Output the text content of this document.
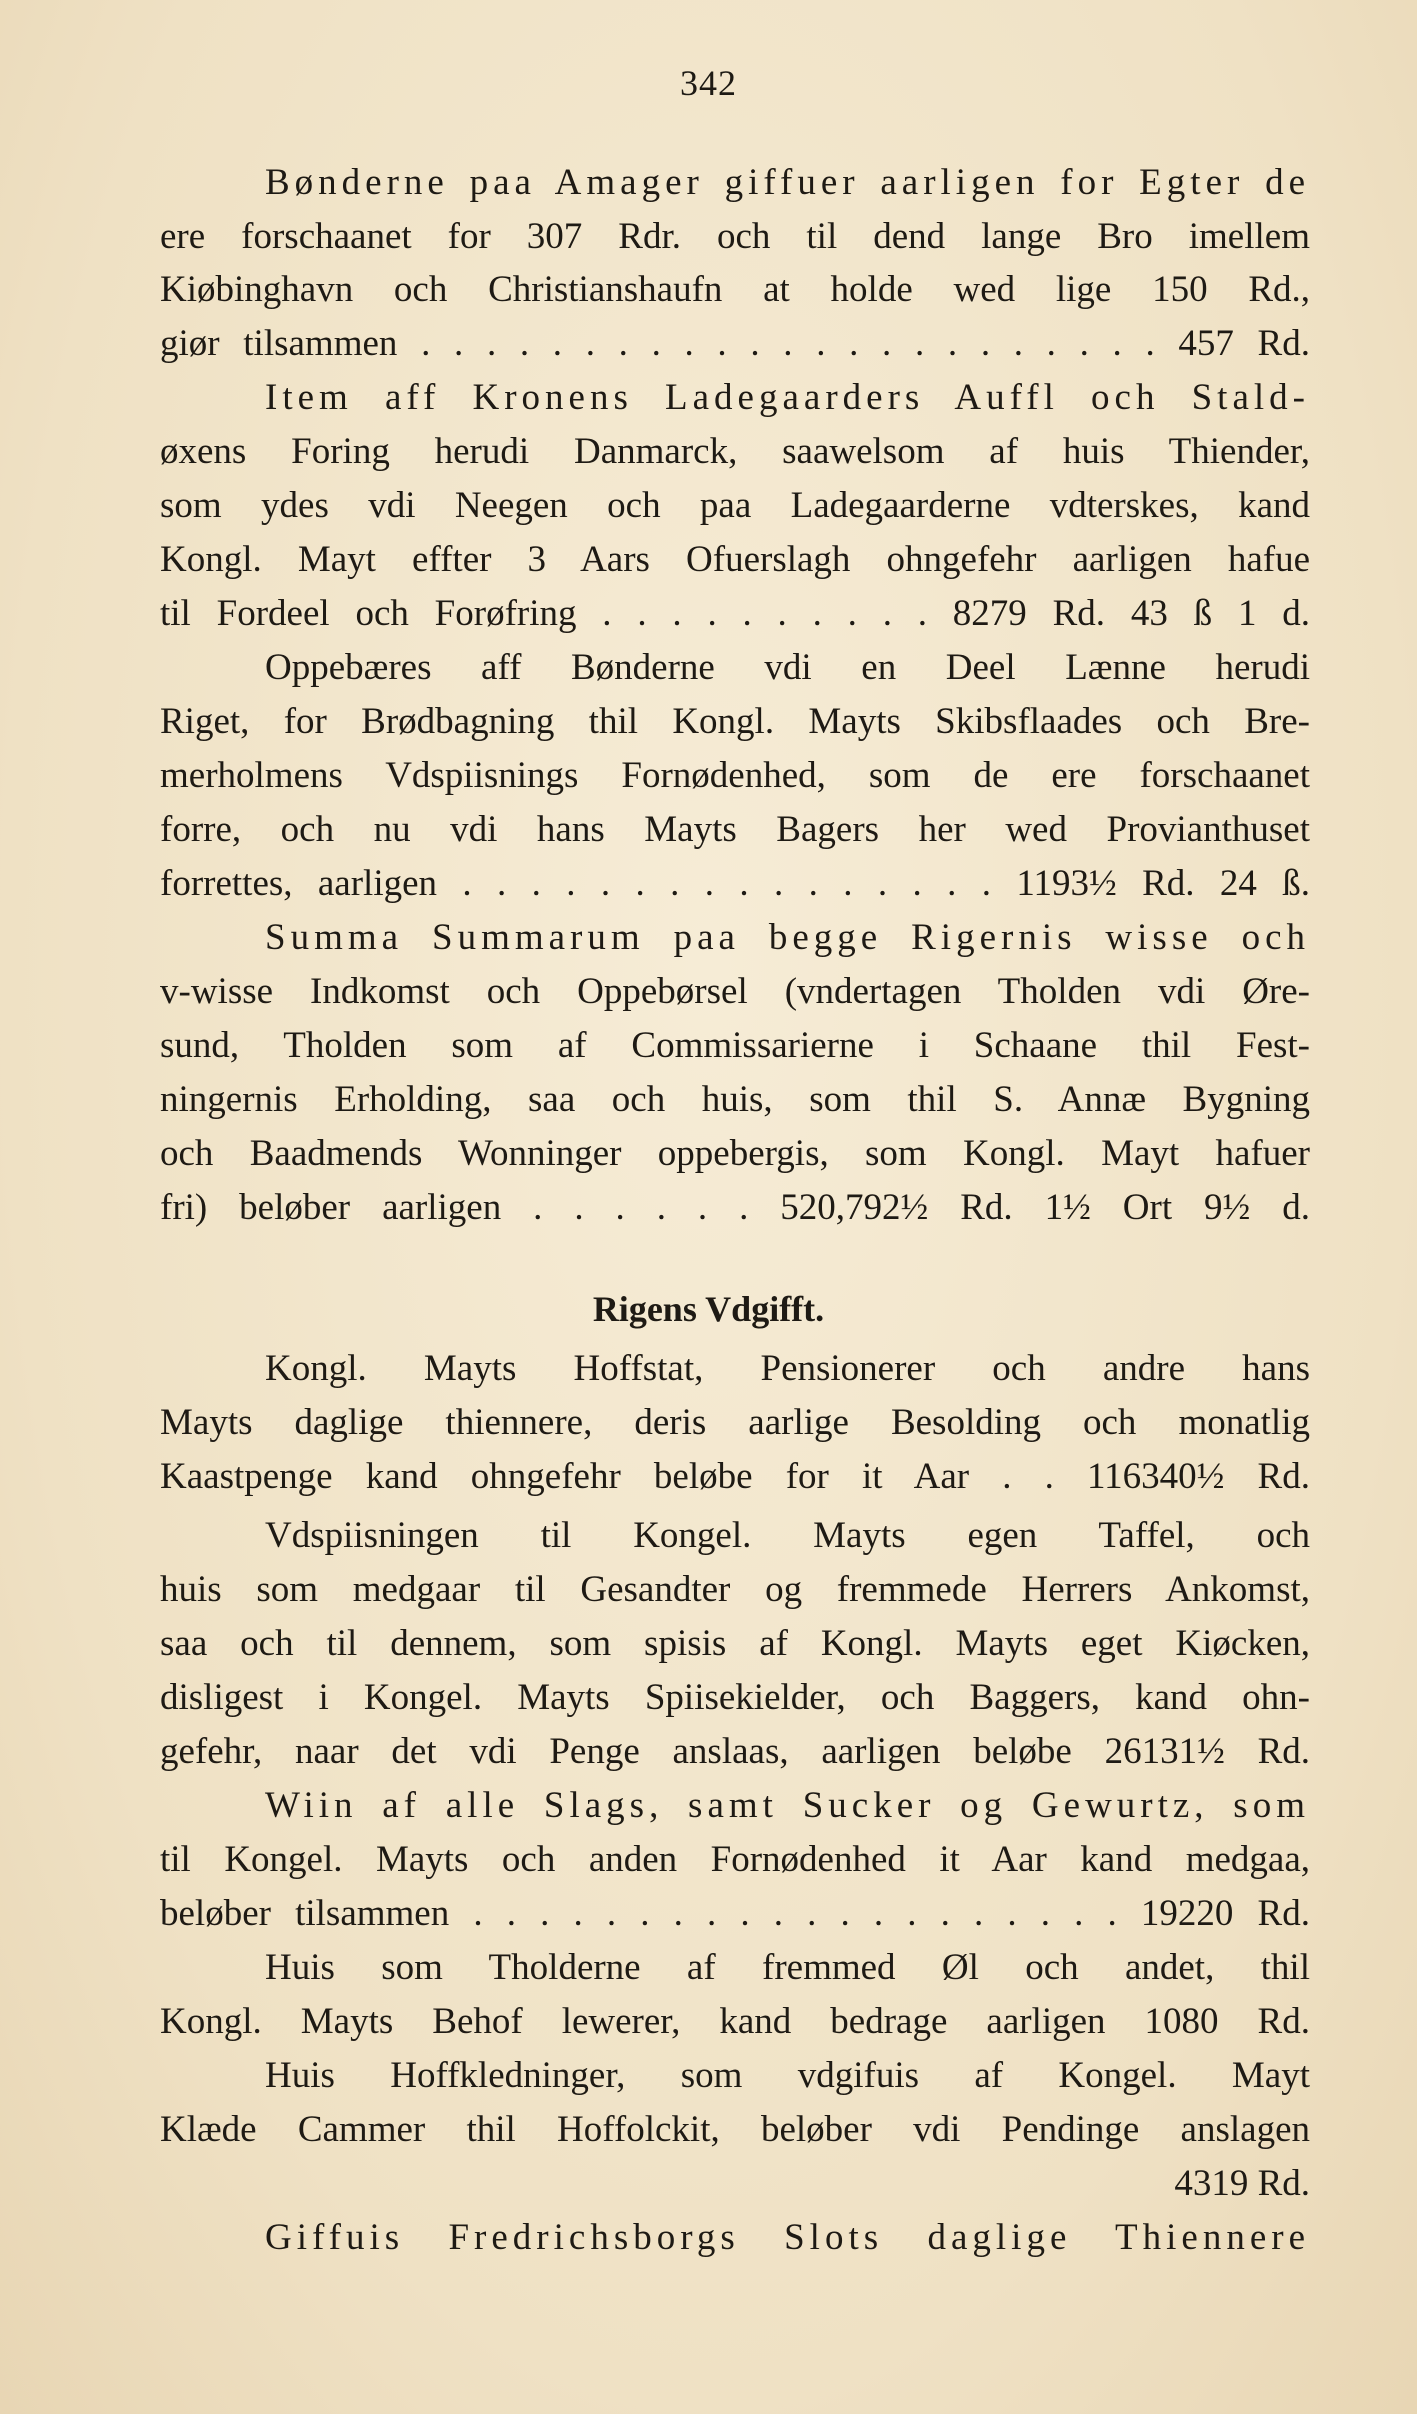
342
Bønderne paa Amager giffuer aarligen for Egter de
ere forschaanet for 307 Rdr. och til dend lange Bro imellem
Kiøbinghavn och Christianshaufn at holde wed lige 150 Rd.,
giør tilsammen . . . . . . . . . . . . . . . . . . . . . . . 457 Rd.
Item aff Kronens Ladegaarders Auffl och Stald-
øxens Foring herudi Danmarck, saawelsom af huis Thiender,
som ydes vdi Neegen och paa Ladegaarderne vdterskes, kand
Kongl. Mayt effter 3 Aars Ofuerslagh ohngefehr aarligen hafue
til Fordeel och Forøfring . . . . . . . . . . 8279 Rd. 43 ß 1 d.
Oppebæres aff Bønderne vdi en Deel Lænne herudi
Riget, for Brødbagning thil Kongl. Mayts Skibsflaades och Bre-
merholmens Vdspiisnings Fornødenhed, som de ere forschaanet
forre, och nu vdi hans Mayts Bagers her wed Provianthuset
forrettes, aarligen . . . . . . . . . . . . . . . . 1193½ Rd. 24 ß.
Summa Summarum paa begge Rigernis wisse och
v-wisse Indkomst och Oppebørsel (vndertagen Tholden vdi Øre-
sund, Tholden som af Commissarierne i Schaane thil Fest-
ningernis Erholding, saa och huis, som thil S. Annæ Bygning
och Baadmends Wonninger oppebergis, som Kongl. Mayt hafuer
fri) beløber aarligen . . . . . . 520,792½ Rd. 1½ Ort 9½ d.
Rigens Vdgifft.
Kongl. Mayts Hoffstat, Pensionerer och andre hans
Mayts daglige thiennere, deris aarlige Besolding och monatlig
Kaastpenge kand ohngefehr beløbe for it Aar . . 116340½ Rd.
Vdspiisningen til Kongel. Mayts egen Taffel, och
huis som medgaar til Gesandter og fremmede Herrers Ankomst,
saa och til dennem, som spisis af Kongl. Mayts eget Kiøcken,
disligest i Kongel. Mayts Spiisekielder, och Baggers, kand ohn-
gefehr, naar det vdi Penge anslaas, aarligen beløbe 26131½ Rd.
Wiin af alle Slags, samt Sucker og Gewurtz, som
til Kongel. Mayts och anden Fornødenhed it Aar kand medgaa,
beløber tilsammen . . . . . . . . . . . . . . . . . . . . 19220 Rd.
Huis som Tholderne af fremmed Øl och andet, thil
Kongl. Mayts Behof lewerer, kand bedrage aarligen 1080 Rd.
Huis Hoffkledninger, som vdgifuis af Kongel. Mayt
Klæde Cammer thil Hoffolckit, beløber vdi Pendinge anslagen
4319 Rd.
Giffuis Fredrichsborgs Slots daglige Thiennere
